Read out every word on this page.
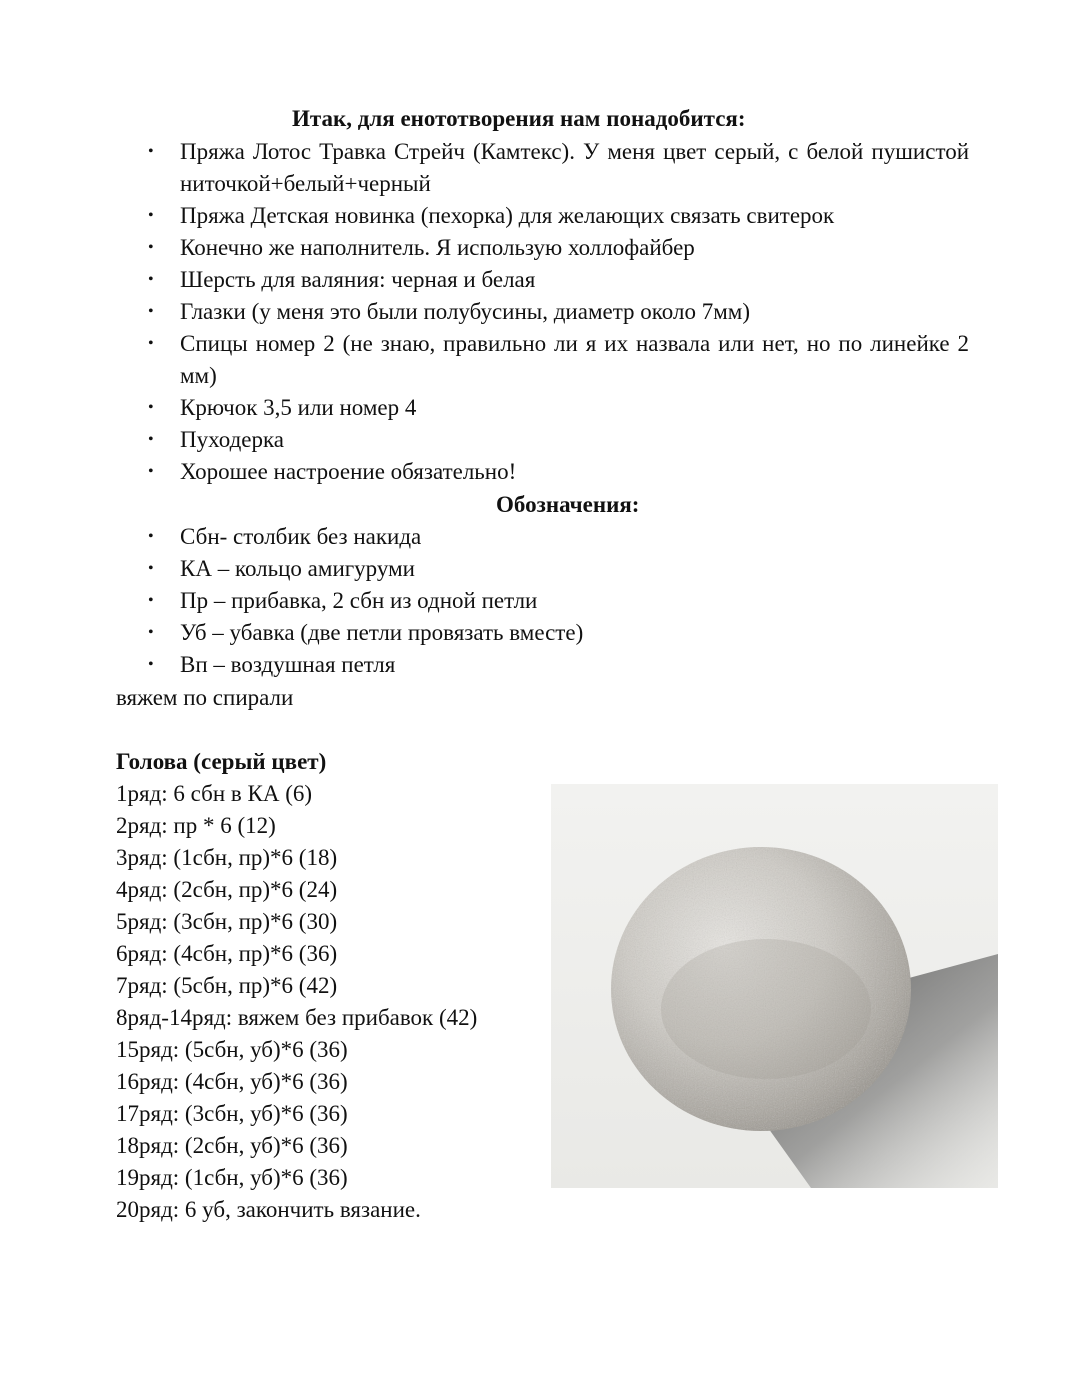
Итак, для енототворения нам понадобится:
• Пряжа Лотос Травка Стрейч (Камтекс). У меня цвет серый, с белой пушистой ниточкой+белый+черный
• Пряжа Детская новинка (пехорка) для желающих связать свитерок
• Конечно же наполнитель. Я использую холлофайбер
• Шерсть для валяния: черная и белая
• Глазки (у меня это были полубусины, диаметр около 7мм)
• Спицы номер 2 (не знаю, правильно ли я их назвала или нет, но по линейке 2 мм)
• Крючок 3,5 или номер 4
• Пуходерка
• Хорошее настроение обязательно!
Обозначения:
• Сбн- столбик без накида
• КА – кольцо амигуруми
• Пр – прибавка, 2 сбн из одной петли
• Уб – убавка (две петли провязать вместе)
• Вп – воздушная петля
вяжем по спирали
Голова (серый цвет)
1ряд: 6 сбн в КА (6)
2ряд: пр * 6 (12)
3ряд: (1сбн, пр)*6 (18)
4ряд: (2сбн, пр)*6 (24)
5ряд: (3сбн, пр)*6 (30)
6ряд: (4сбн, пр)*6 (36)
7ряд: (5сбн, пр)*6 (42)
8ряд-14ряд: вяжем без прибавок (42)
15ряд: (5сбн, уб)*6 (36)
16ряд: (4сбн, уб)*6 (36)
17ряд: (3сбн, уб)*6 (36)
18ряд: (2сбн, уб)*6 (36)
19ряд: (1сбн, уб)*6 (36)
20ряд: 6 уб, закончить вязание.
